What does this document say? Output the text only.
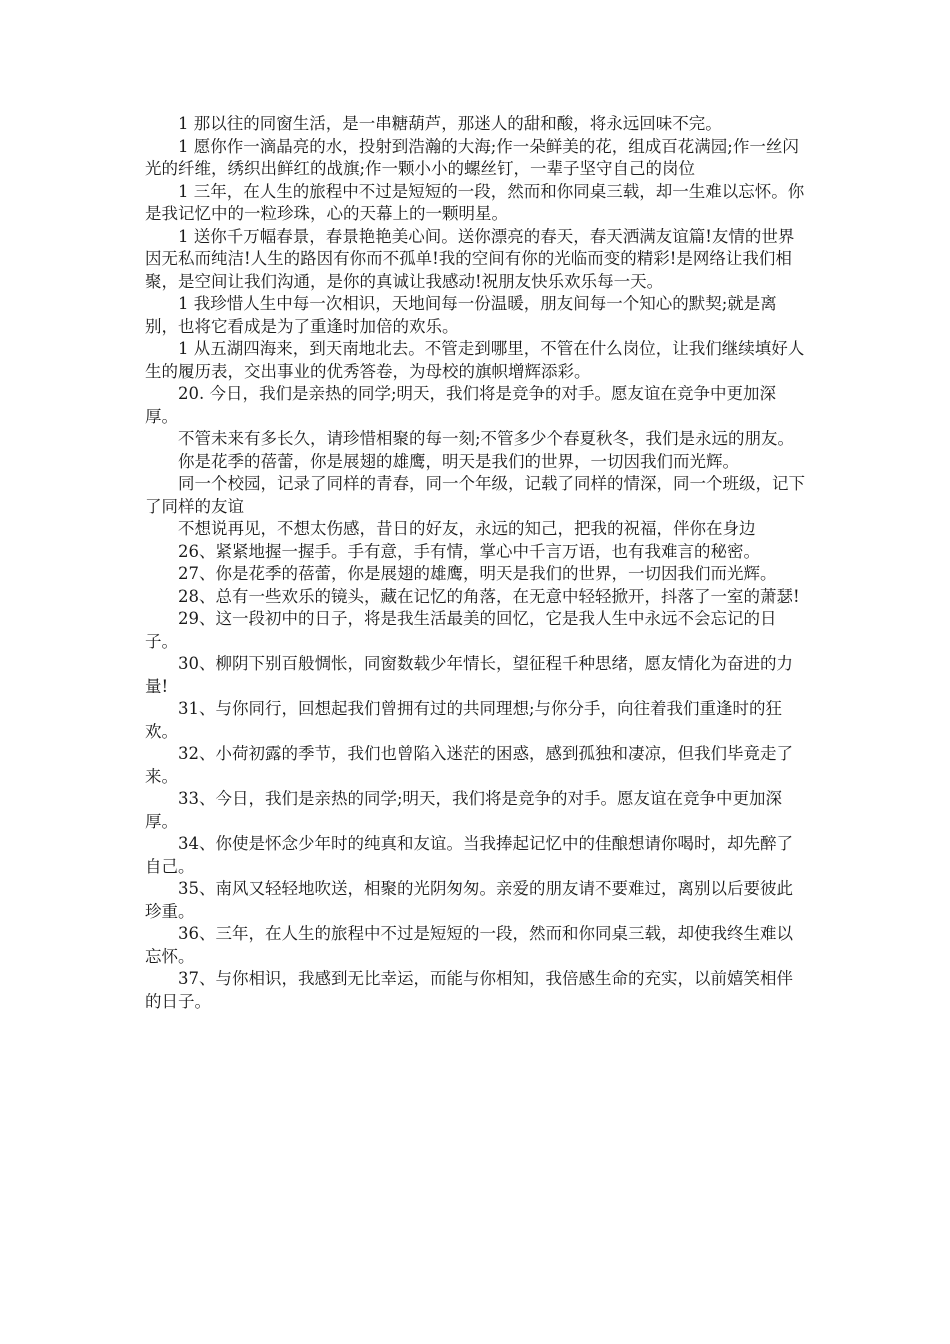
1 那以往的同窗生活，是一串糖葫芦，那迷人的甜和酸，将永远回味不完。

1 愿你作一滴晶亮的水，投射到浩瀚的大海;作一朵鲜美的花，组成百花满园;作一丝闪光的纤维，绣织出鲜红的战旗;作一颗小小的螺丝钉，一辈子坚守自己的岗位

1 三年，在人生的旅程中不过是短短的一段，然而和你同桌三载，却一生难以忘怀。你是我记忆中的一粒珍珠，心的天幕上的一颗明星。

1 送你千万幅春景，春景艳艳美心间。送你漂亮的春天，春天洒满友谊篇!友情的世界因无私而纯洁!人生的路因有你而不孤单!我的空间有你的光临而变的精彩!是网络让我们相聚，是空间让我们沟通，是你的真诚让我感动!祝朋友快乐欢乐每一天。

1 我珍惜人生中每一次相识，天地间每一份温暖，朋友间每一个知心的默契;就是离别，也将它看成是为了重逢时加倍的欢乐。

1 从五湖四海来，到天南地北去。不管走到哪里，不管在什么岗位，让我们继续填好人生的履历表，交出事业的优秀答卷，为母校的旗帜增辉添彩。

20. 今日，我们是亲热的同学;明天，我们将是竞争的对手。愿友谊在竞争中更加深厚。

不管未来有多长久，请珍惜相聚的每一刻;不管多少个春夏秋冬，我们是永远的朋友。

你是花季的蓓蕾，你是展翅的雄鹰，明天是我们的世界，一切因我们而光辉。

同一个校园，记录了同样的青春，同一个年级，记载了同样的情深，同一个班级，记下了同样的友谊

不想说再见，不想太伤感，昔日的好友，永远的知己，把我的祝福，伴你在身边

26、紧紧地握一握手。手有意，手有情，掌心中千言万语，也有我难言的秘密。

27、你是花季的蓓蕾，你是展翅的雄鹰，明天是我们的世界，一切因我们而光辉。

28、总有一些欢乐的镜头，藏在记忆的角落，在无意中轻轻掀开，抖落了一室的萧瑟!

29、这一段初中的日子，将是我生活最美的回忆，它是我人生中永远不会忘记的日子。

30、柳阴下别百般惆怅，同窗数载少年情长，望征程千种思绪，愿友情化为奋进的力量!

31、与你同行，回想起我们曾拥有过的共同理想;与你分手，向往着我们重逢时的狂欢。

32、小荷初露的季节，我们也曾陷入迷茫的困惑，感到孤独和凄凉，但我们毕竟走了来。

33、今日，我们是亲热的同学;明天，我们将是竞争的对手。愿友谊在竞争中更加深厚。

34、你使是怀念少年时的纯真和友谊。当我捧起记忆中的佳酿想请你喝时，却先醉了自己。

35、南风又轻轻地吹送，相聚的光阴匆匆。亲爱的朋友请不要难过，离别以后要彼此珍重。

36、三年，在人生的旅程中不过是短短的一段，然而和你同桌三载，却使我终生难以忘怀。

37、与你相识，我感到无比幸运，而能与你相知，我倍感生命的充实，以前嬉笑相伴的日子。
